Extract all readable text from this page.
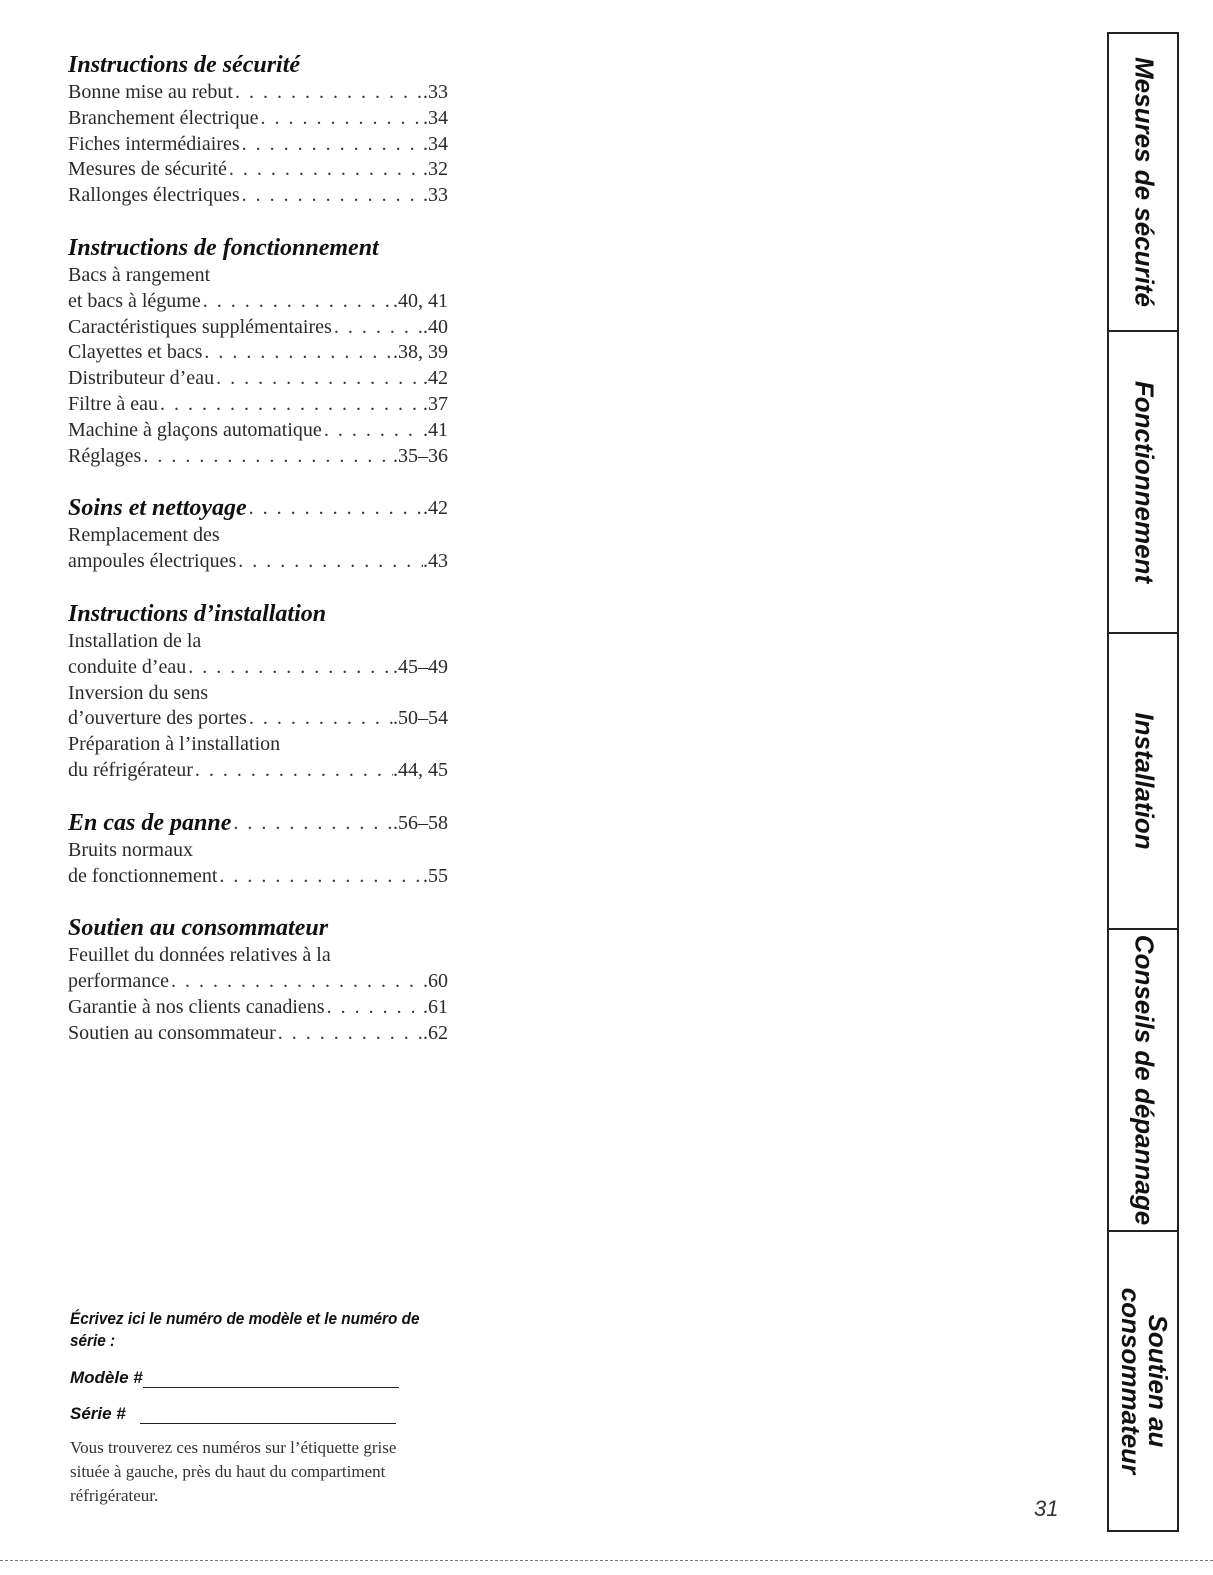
Instructions de sécurité
Bonne mise au rebut . . .	.33
Branchement électrique . . .	.34
Fiches intermédiaires . . .	.34
Mesures de sécurité . . .	.32
Rallonges électriques . . .	.33
Instructions de fonctionnement
Bacs à rangement
et bacs à légume . . .	.40, 41
Caractéristiques supplémentaires . . .	.40
Clayettes et bacs . . .	.38, 39
Distributeur d’eau . . .	.42
Filtre à eau . . .	.37
Machine à glaçons automatique . . .	.41
Réglages . . .	.35–36
Soins et nettoyage . . .	.42
Remplacement des
ampoules électriques . . .	.43
Instructions d’installation
Installation de la
conduite d’eau . . .	.45–49
Inversion du sens
d’ouverture des portes . . .	.50–54
Préparation à l’installation
du réfrigérateur . . .	.44, 45
En cas de panne . . .	.56–58
Bruits normaux
de fonctionnement . . .	.55
Soutien au consommateur
Feuillet du données relatives à la
performance . . .	.60
Garantie à nos clients canadiens . . .	.61
Soutien au consommateur . . .	.62
Écrivez ici le numéro de modèle et le numéro de série :
Modèle #
Série #
Vous trouverez ces numéros sur l’étiquette grise située à gauche, près du haut du compartiment réfrigérateur.
Mesures de sécurité
Fonctionnement
Installation
Conseils de dépannage
Soutien au
consommateur
31
